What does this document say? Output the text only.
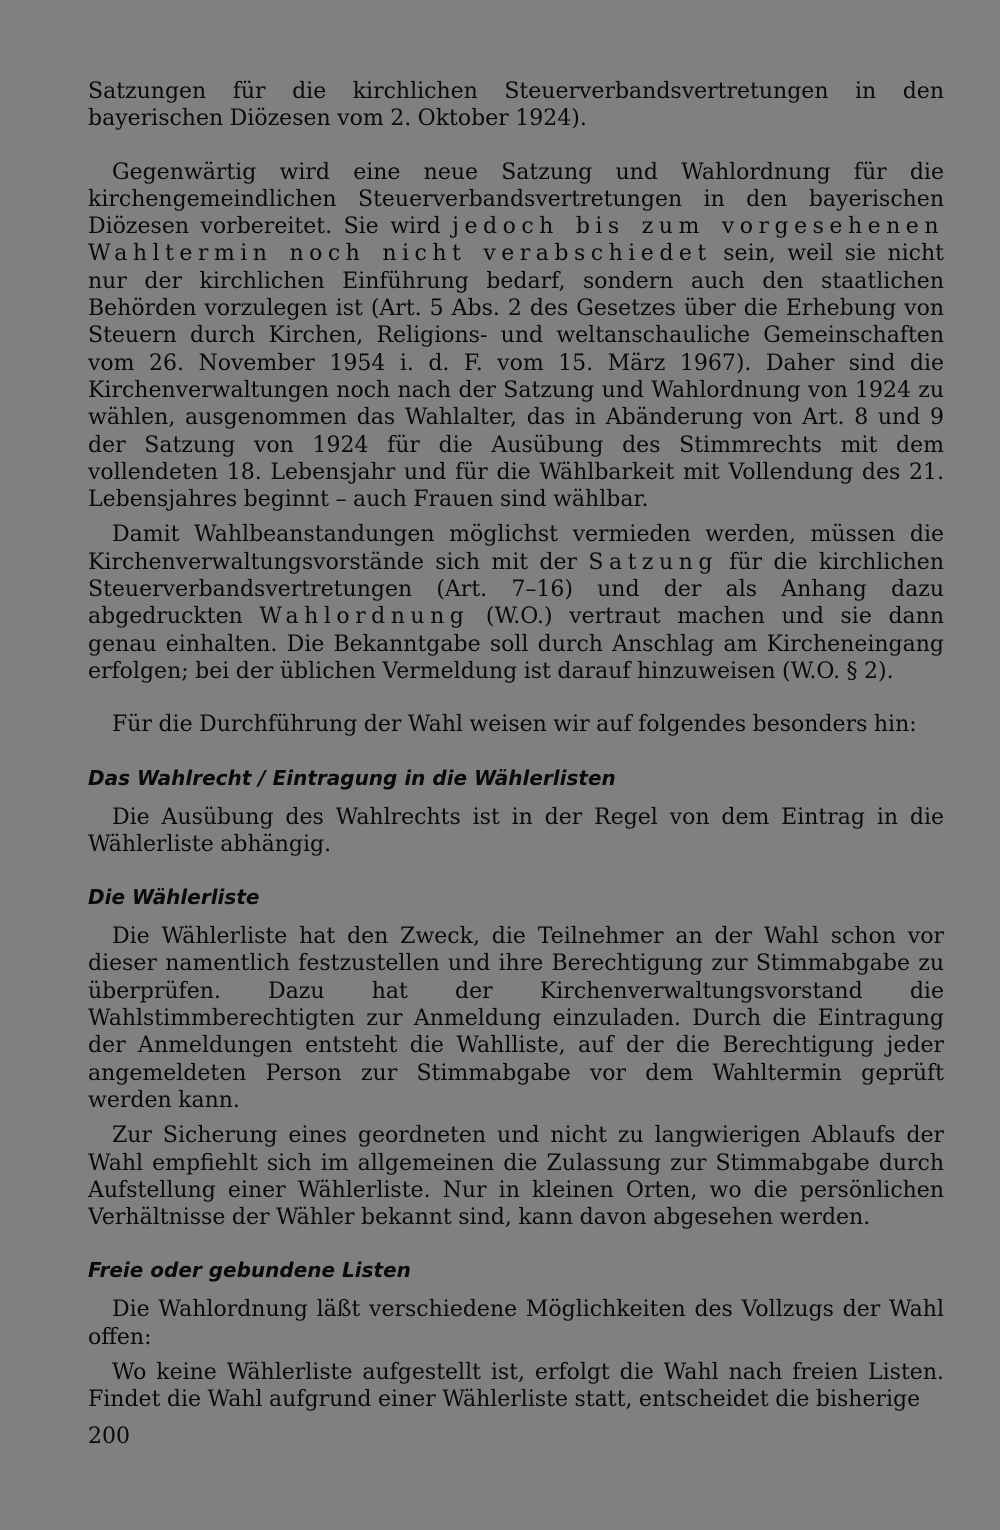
Satzungen für die kirchlichen Steuerverbandsvertretungen in den bayerischen Diözesen vom 2. Oktober 1924).

Gegenwärtig wird eine neue Satzung und Wahlordnung für die kirchengemeindlichen Steuerverbandsvertretungen in den bayerischen Diözesen vorbereitet. Sie wird jedoch bis zum vorgesehenen Wahltermin noch nicht verabschiedet sein, weil sie nicht nur der kirchlichen Einführung bedarf, sondern auch den staatlichen Behörden vorzulegen ist (Art. 5 Abs. 2 des Gesetzes über die Erhebung von Steuern durch Kirchen, Religions- und weltanschauliche Gemeinschaften vom 26. November 1954 i. d. F. vom 15. März 1967). Daher sind die Kirchenverwaltungen noch nach der Satzung und Wahlordnung von 1924 zu wählen, ausgenommen das Wahlalter, das in Abänderung von Art. 8 und 9 der Satzung von 1924 für die Ausübung des Stimmrechts mit dem vollendeten 18. Lebensjahr und für die Wählbarkeit mit Vollendung des 21. Lebensjahres beginnt – auch Frauen sind wählbar.

Damit Wahlbeanstandungen möglichst vermieden werden, müssen die Kirchenverwaltungsvorstände sich mit der Satzung für die kirchlichen Steuerverbandsvertretungen (Art. 7–16) und der als Anhang dazu abgedruckten Wahlordnung (W.O.) vertraut machen und sie dann genau einhalten. Die Bekanntgabe soll durch Anschlag am Kircheneingang erfolgen; bei der üblichen Vermeldung ist darauf hinzuweisen (W.O. § 2).

Für die Durchführung der Wahl weisen wir auf folgendes besonders hin:

Das Wahlrecht / Eintragung in die Wählerlisten

Die Ausübung des Wahlrechts ist in der Regel von dem Eintrag in die Wählerliste abhängig.

Die Wählerliste

Die Wählerliste hat den Zweck, die Teilnehmer an der Wahl schon vor dieser namentlich festzustellen und ihre Berechtigung zur Stimmabgabe zu überprüfen. Dazu hat der Kirchenverwaltungsvorstand die Wahlstimmberechtigten zur Anmeldung einzuladen. Durch die Eintragung der Anmeldungen entsteht die Wahlliste, auf der die Berechtigung jeder angemeldeten Person zur Stimmabgabe vor dem Wahltermin geprüft werden kann.

Zur Sicherung eines geordneten und nicht zu langwierigen Ablaufs der Wahl empfiehlt sich im allgemeinen die Zulassung zur Stimmabgabe durch Aufstellung einer Wählerliste. Nur in kleinen Orten, wo die persönlichen Verhältnisse der Wähler bekannt sind, kann davon abgesehen werden.

Freie oder gebundene Listen

Die Wahlordnung läßt verschiedene Möglichkeiten des Vollzugs der Wahl offen:

Wo keine Wählerliste aufgestellt ist, erfolgt die Wahl nach freien Listen. Findet die Wahl aufgrund einer Wählerliste statt, entscheidet die bisherige

200
